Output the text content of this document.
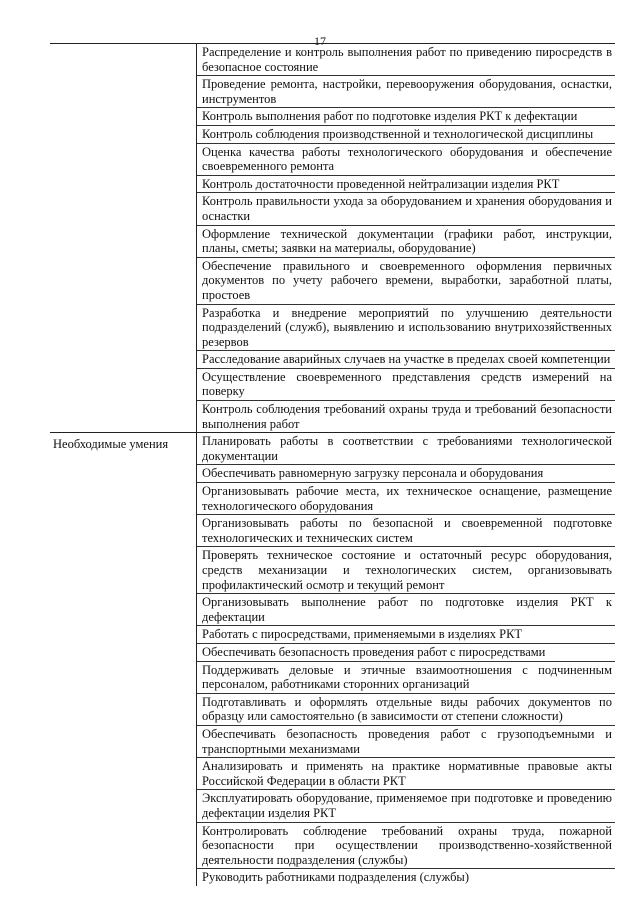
17
Распределение и контроль выполнения работ по приведению пиросредств в безопасное состояние
Проведение ремонта, настройки, перевооружения оборудования, оснастки, инструментов
Контроль выполнения работ по подготовке изделия РКТ к дефектации
Контроль соблюдения производственной и технологической дисциплины
Оценка качества работы технологического оборудования и обеспечение своевременного ремонта
Контроль достаточности проведенной нейтрализации изделия РКТ
Контроль правильности ухода за оборудованием и хранения оборудования и оснастки
Оформление технической документации (графики работ, инструкции, планы, сметы; заявки на материалы, оборудование)
Обеспечение правильного и своевременного оформления первичных документов по учету рабочего времени, выработки, заработной платы, простоев
Разработка и внедрение мероприятий по улучшению деятельности подразделений (служб), выявлению и использованию внутрихозяйственных резервов
Расследование аварийных случаев на участке в пределах своей компетенции
Осуществление своевременного представления средств измерений на поверку
Контроль соблюдения требований охраны труда и требований безопасности выполнения работ
Необходимые умения	Планировать работы в соответствии с требованиями технологической документации
Обеспечивать равномерную загрузку персонала и оборудования
Организовывать рабочие места, их техническое оснащение, размещение технологического оборудования
Организовывать работы по безопасной и своевременной подготовке технологических и технических систем
Проверять техническое состояние и остаточный ресурс оборудования, средств механизации и технологических систем, организовывать профилактический осмотр и текущий ремонт
Организовывать выполнение работ по подготовке изделия РКТ к дефектации
Работать с пиросредствами, применяемыми в изделиях РКТ
Обеспечивать безопасность проведения работ с пиросредствами
Поддерживать деловые и этичные взаимоотношения с подчиненным персоналом, работниками сторонних организаций
Подготавливать и оформлять отдельные виды рабочих документов по образцу или самостоятельно (в зависимости от степени сложности)
Обеспечивать безопасность проведения работ с грузоподъемными и транспортными механизмами
Анализировать и применять на практике нормативные правовые акты Российской Федерации в области РКТ
Эксплуатировать оборудование, применяемое при подготовке и проведению дефектации изделия РКТ
Контролировать соблюдение требований охраны труда, пожарной безопасности при осуществлении производственно-хозяйственной деятельности подразделения (службы)
Руководить работниками подразделения (службы)
